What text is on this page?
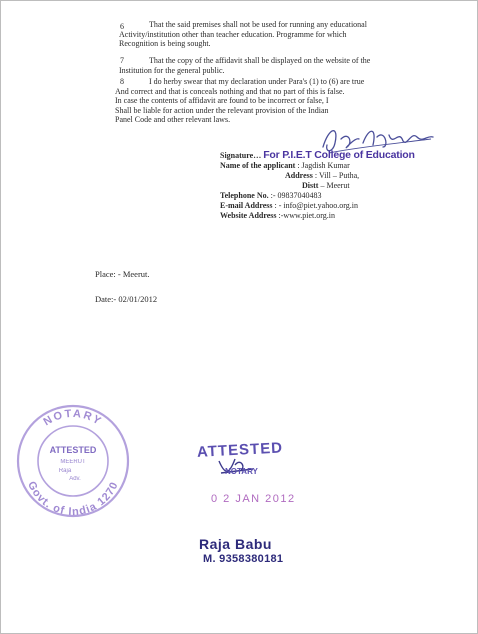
6	That the said premises shall not be used for running any educational
Activity/institution other than teacher education. Programme for which
Recognition is being sought.
7	That the copy of the affidavit shall be displayed on the website of the
Institution for the general public.
8	I do herby swear that my declaration under Para's (1) to (6) are true
And correct and that is conceals nothing and that no part of this is false.
In case the contents of affidavit are found to be incorrect or false, I
Shall be liable for action under the relevant provision of the Indian
Panel Code and other relevant laws.
Signature… For P.I.E.T College of Education
Name of the applicant : Jagdish Kumar
Address : Vill – Putha,
Distt – Meerut
Telephone No. :- 09837040483
E-mail Address : - info@piet.yahoo.org.in
Website Address :-www.piet.org.in
Place: - Meerut.
Date:- 02/01/2012
NOTARY
Govt. of India 1270
ATTESTED
MEERUT
Raja
Adv.
ATTESTED
NOTARY
0 2 JAN 2012
Raja Babu
M. 9358380181
